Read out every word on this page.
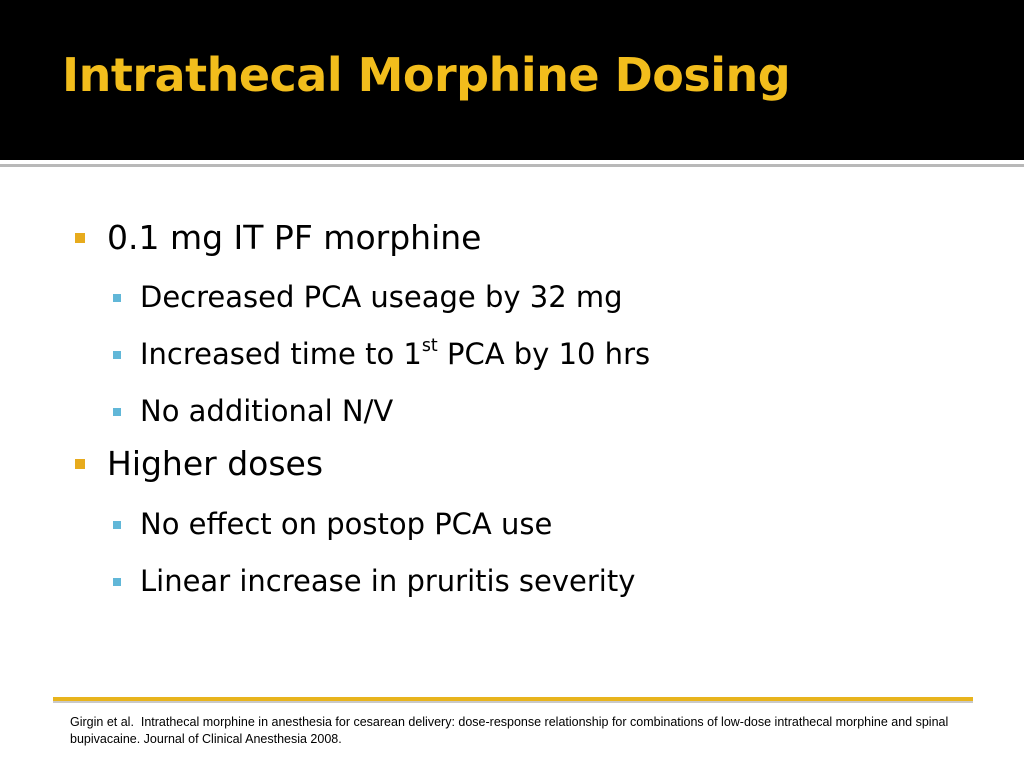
Intrathecal Morphine Dosing
0.1 mg IT PF morphine
Decreased PCA useage by 32 mg
Increased time to 1st PCA by 10 hrs
No additional N/V
Higher doses
No effect on postop PCA use
Linear increase in pruritis severity

Girgin et al.  Intrathecal morphine in anesthesia for cesarean delivery: dose-response relationship for combinations of low-dose intrathecal morphine and spinal bupivacaine. Journal of Clinical Anesthesia 2008.
